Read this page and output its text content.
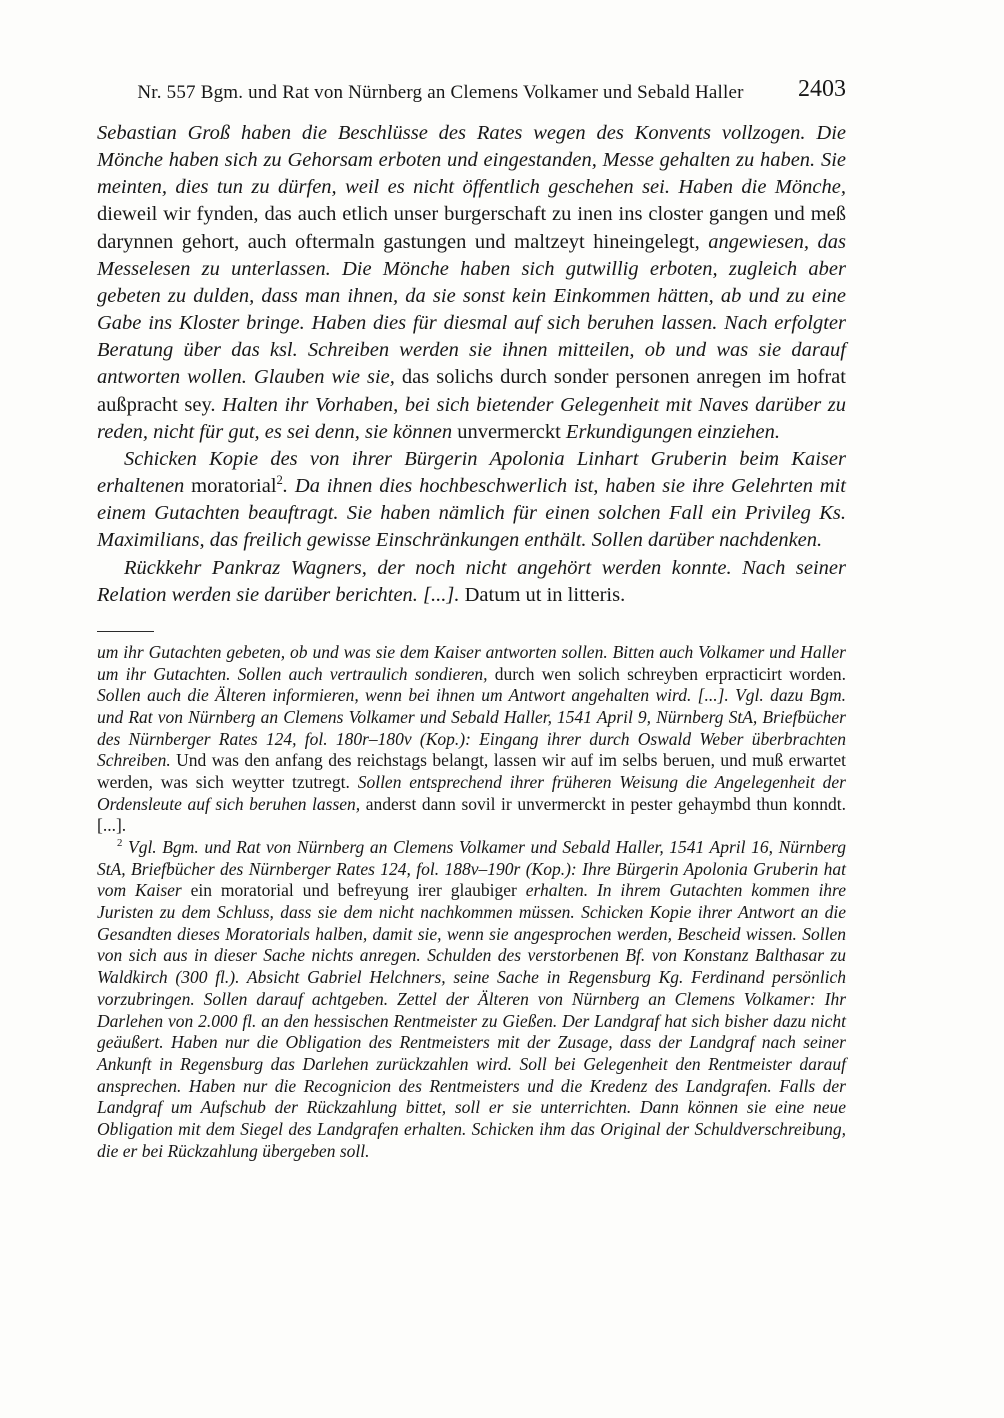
Nr. 557 Bgm. und Rat von Nürnberg an Clemens Volkamer und Sebald Haller	2403

Sebastian Groß haben die Beschlüsse des Rates wegen des Konvents vollzogen. Die Mönche haben sich zu Gehorsam erboten und eingestanden, Messe gehalten zu haben. Sie meinten, dies tun zu dürfen, weil es nicht öffentlich geschehen sei. Haben die Mönche, dieweil wir fynden, das auch etlich unser burgerschaft zu inen ins closter gangen und meß darynnen gehort, auch oftermaln gastungen und maltzeyt hineingelegt, angewiesen, das Messelesen zu unterlassen. Die Mönche haben sich gutwillig erboten, zugleich aber gebeten zu dulden, dass man ihnen, da sie sonst kein Einkommen hätten, ab und zu eine Gabe ins Kloster bringe. Haben dies für diesmal auf sich beruhen lassen. Nach erfolgter Beratung über das ksl. Schreiben werden sie ihnen mitteilen, ob und was sie darauf antworten wollen. Glauben wie sie, das solichs durch sonder personen anregen im hofrat außpracht sey. Halten ihr Vorhaben, bei sich bietender Gelegenheit mit Naves darüber zu reden, nicht für gut, es sei denn, sie können unvermerckt Erkundigungen einziehen.

Schicken Kopie des von ihrer Bürgerin Apolonia Linhart Gruberin beim Kaiser erhaltenen moratorial$^2$. Da ihnen dies hochbeschwerlich ist, haben sie ihre Gelehrten mit einem Gutachten beauftragt. Sie haben nämlich für einen solchen Fall ein Privileg Ks. Maximilians, das freilich gewisse Einschränkungen enthält. Sollen darüber nachdenken.

Rückkehr Pankraz Wagners, der noch nicht angehört werden konnte. Nach seiner Relation werden sie darüber berichten. [...]. Datum ut in litteris.

um ihr Gutachten gebeten, ob und was sie dem Kaiser antworten sollen. Bitten auch Volkamer und Haller um ihr Gutachten. Sollen auch vertraulich sondieren, durch wen solich schreyben erpracticirt worden. Sollen auch die Älteren informieren, wenn bei ihnen um Antwort angehalten wird. [...]. Vgl. dazu Bgm. und Rat von Nürnberg an Clemens Volkamer und Sebald Haller, 1541 April 9, Nürnberg StA, Briefbücher des Nürnberger Rates 124, fol. 180r–180v (Kop.): Eingang ihrer durch Oswald Weber überbrachten Schreiben. Und was den anfang des reichstags belangt, lassen wir auf im selbs beruen, und muß erwartet werden, was sich weytter tzutregt. Sollen entsprechend ihrer früheren Weisung die Angelegenheit der Ordensleute auf sich beruhen lassen, anderst dann sovil ir unvermerckt in pester gehaymbd thun konndt. [...].

$^2$ Vgl. Bgm. und Rat von Nürnberg an Clemens Volkamer und Sebald Haller, 1541 April 16, Nürnberg StA, Briefbücher des Nürnberger Rates 124, fol. 188v–190r (Kop.): Ihre Bürgerin Apolonia Gruberin hat vom Kaiser ein moratorial und befreyung irer glaubiger erhalten. In ihrem Gutachten kommen ihre Juristen zu dem Schluss, dass sie dem nicht nachkommen müssen. Schicken Kopie ihrer Antwort an die Gesandten dieses Moratorials halben, damit sie, wenn sie angesprochen werden, Bescheid wissen. Sollen von sich aus in dieser Sache nichts anregen. Schulden des verstorbenen Bf. von Konstanz Balthasar zu Waldkirch (300 fl.). Absicht Gabriel Helchners, seine Sache in Regensburg Kg. Ferdinand persönlich vorzubringen. Sollen darauf achtgeben. Zettel der Älteren von Nürnberg an Clemens Volkamer: Ihr Darlehen von 2.000 fl. an den hessischen Rentmeister zu Gießen. Der Landgraf hat sich bisher dazu nicht geäußert. Haben nur die Obligation des Rentmeisters mit der Zusage, dass der Landgraf nach seiner Ankunft in Regensburg das Darlehen zurückzahlen wird. Soll bei Gelegenheit den Rentmeister darauf ansprechen. Haben nur die Recognicion des Rentmeisters und die Kredenz des Landgrafen. Falls der Landgraf um Aufschub der Rückzahlung bittet, soll er sie unterrichten. Dann können sie eine neue Obligation mit dem Siegel des Landgrafen erhalten. Schicken ihm das Original der Schuldverschreibung, die er bei Rückzahlung übergeben soll.
